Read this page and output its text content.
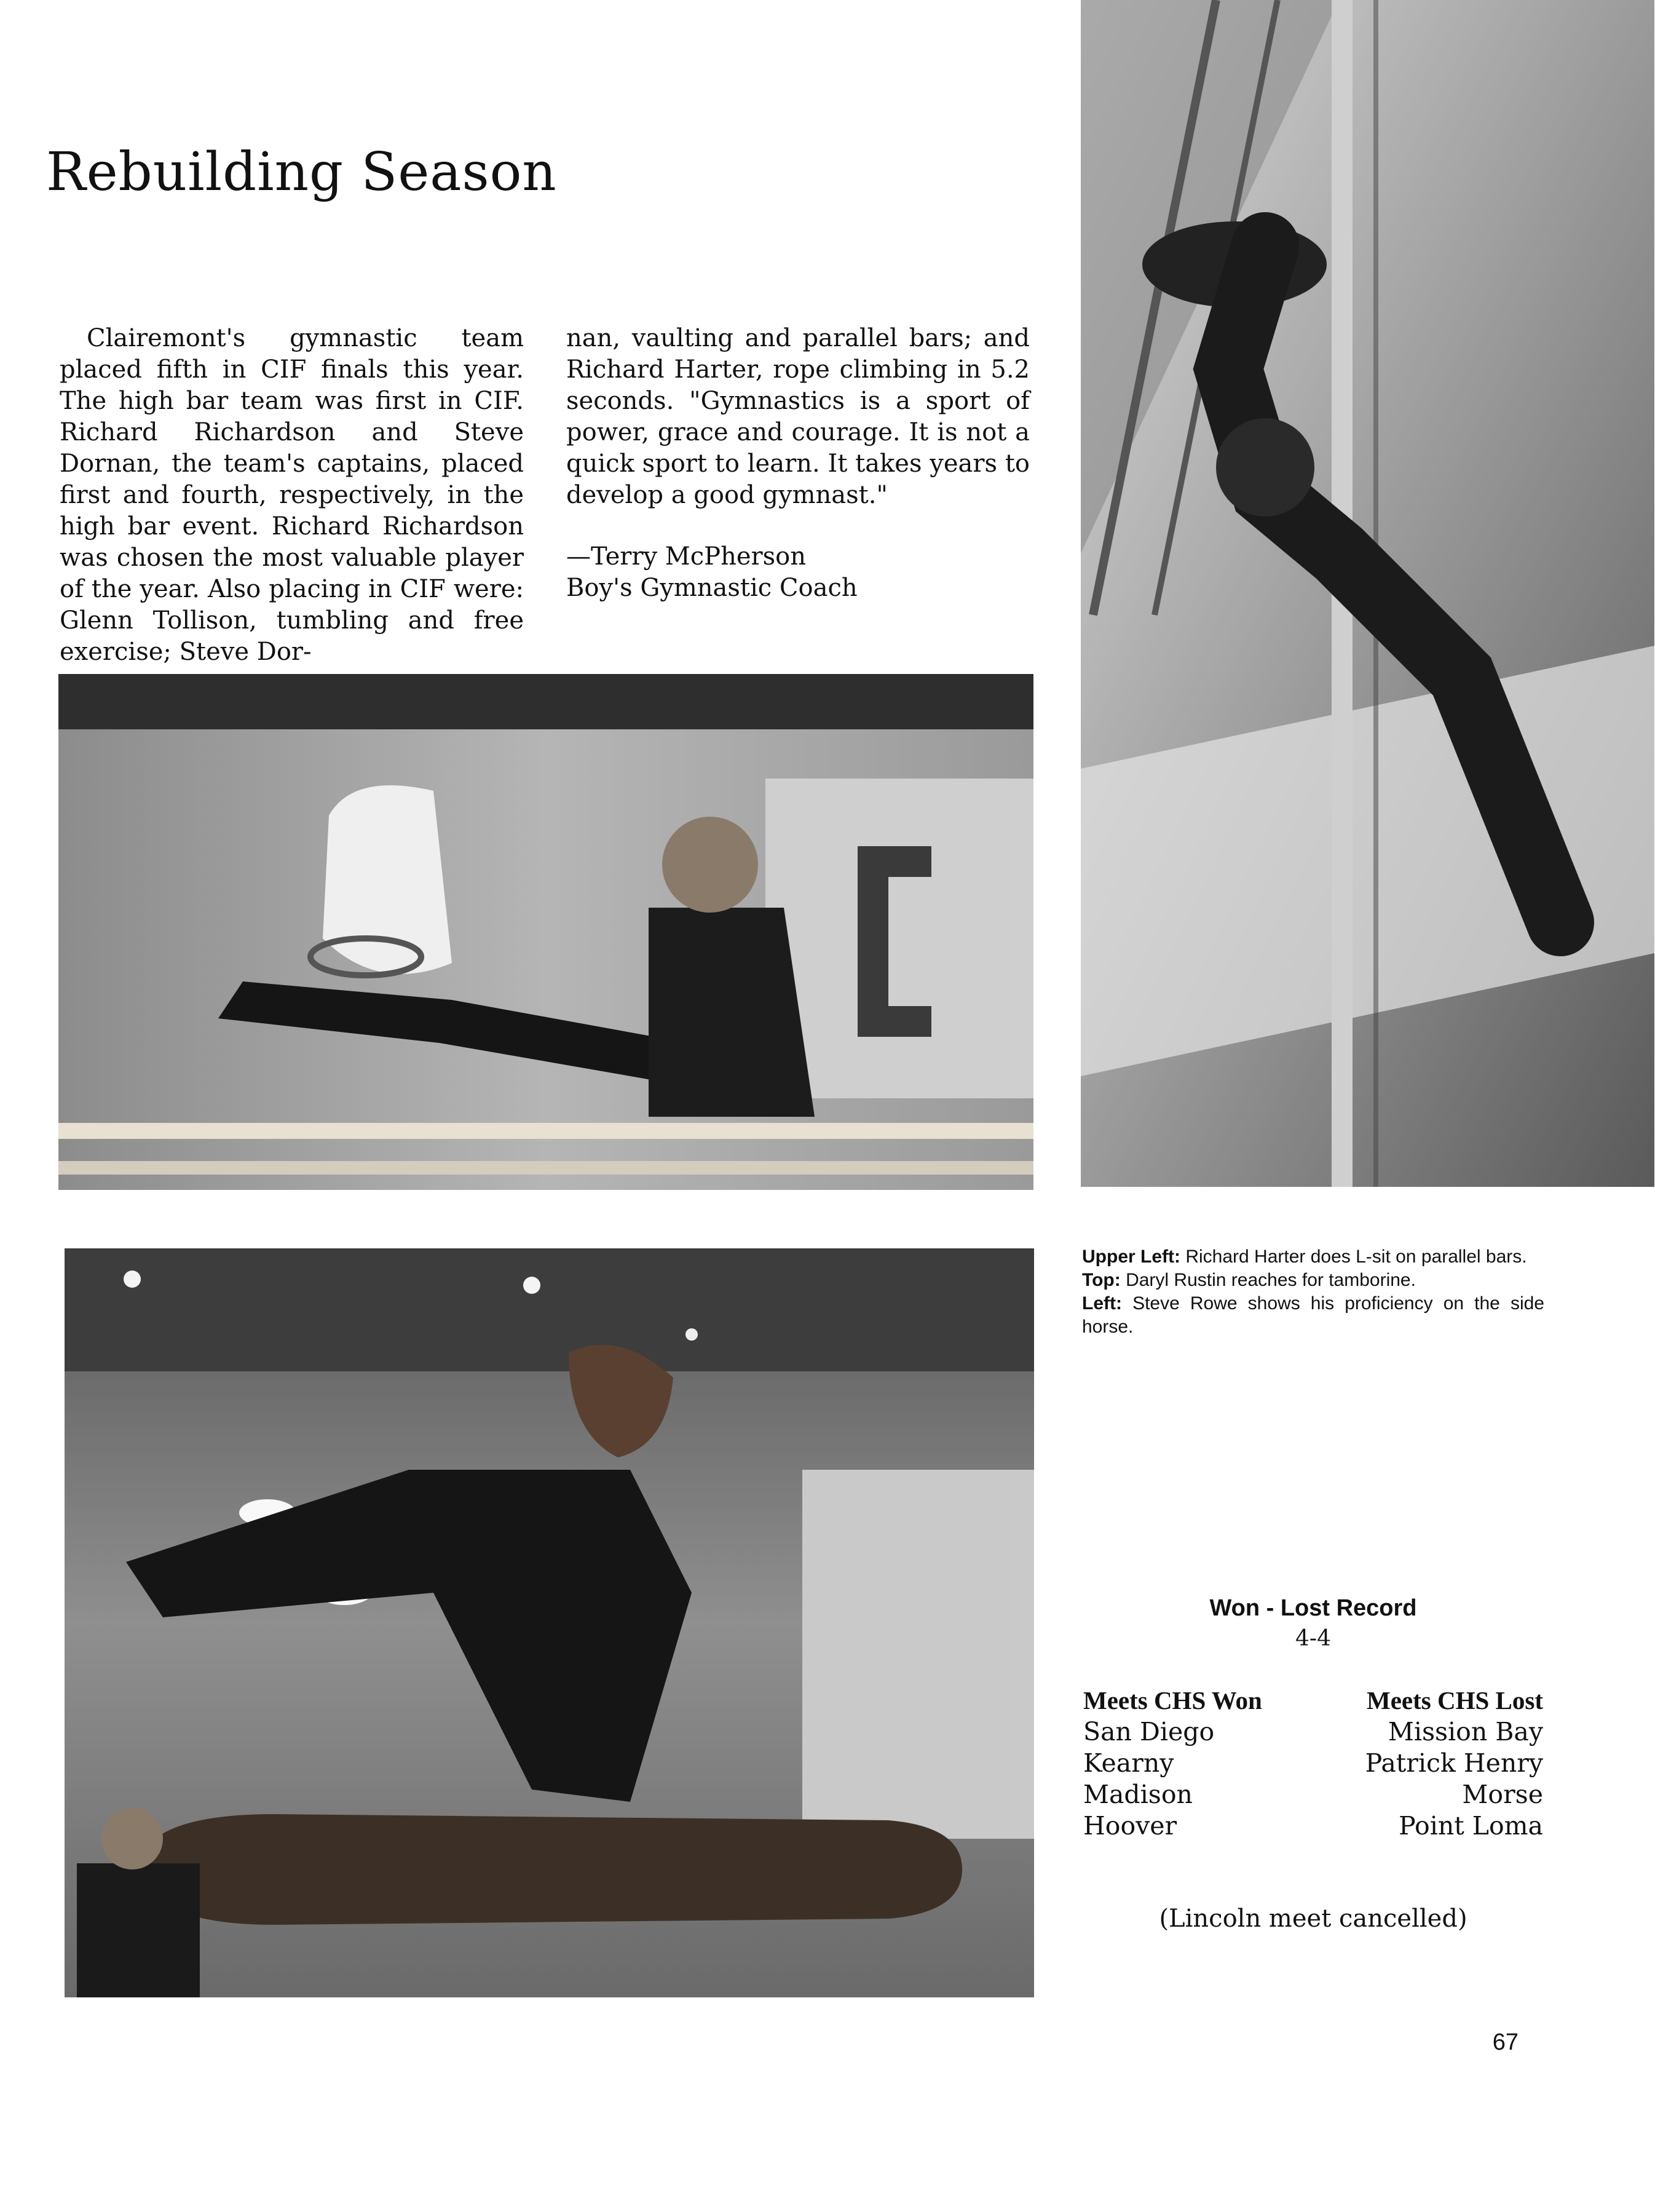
Rebuilding Season

Clairemont's gymnastic team placed fifth in CIF finals this year. The high bar team was first in CIF. Richard Richardson and Steve Dornan, the team's captains, placed first and fourth, respectively, in the high bar event. Richard Richardson was chosen the most valuable player of the year. Also placing in CIF were: Glenn Tollison, tumbling and free exercise; Steve Dor-

nan, vaulting and parallel bars; and Richard Harter, rope climbing in 5.2 seconds. "Gymnastics is a sport of power, grace and courage. It is not a quick sport to learn. It takes years to develop a good gymnast."

—Terry McPherson
Boy's Gymnastic Coach

Upper Left: Richard Harter does L-sit on parallel bars.

Top: Daryl Rustin reaches for tamborine.

Left: Steve Rowe shows his proficiency on the side horse.

Won - Lost Record
4-4
Meets CHS Won
San Diego
Kearny
Madison
Hoover
Meets CHS Lost
Mission Bay
Patrick Henry
Morse
Point Loma
(Lincoln meet cancelled)
67
